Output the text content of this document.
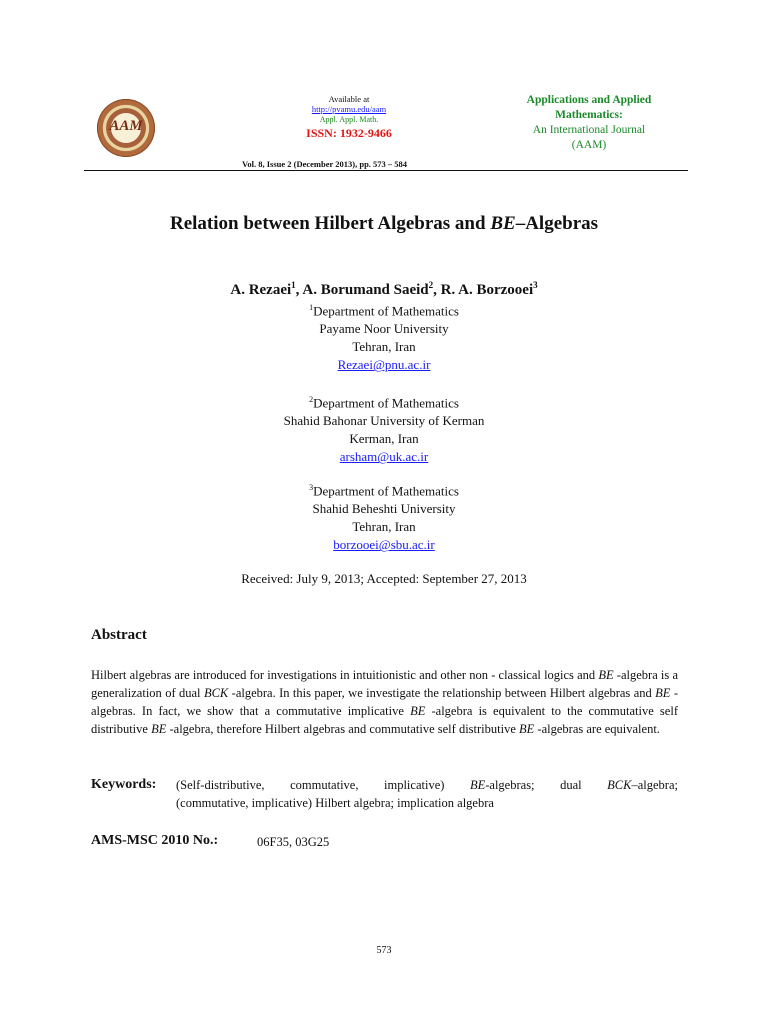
AAM
Available at
http://pvamu.edu/aam
Appl. Appl. Math.
ISSN: 1932-9466
Applications and Applied
Mathematics:
An International Journal
(AAM)
Vol. 8, Issue 2 (December 2013), pp. 573 – 584
Relation between Hilbert Algebras and BE–Algebras
A. Rezaei$^1$, A. Borumand Saeid$^2$, R. A. Borzooei$^3$
$^1$Department of Mathematics
Payame Noor University
Tehran, Iran
Rezaei@pnu.ac.ir
$^2$Department of Mathematics
Shahid Bahonar University of Kerman
Kerman, Iran
arsham@uk.ac.ir
$^3$Department of Mathematics
Shahid Beheshti University
Tehran, Iran
borzooei@sbu.ac.ir
Received: July 9, 2013; Accepted: September 27, 2013
Abstract
Hilbert algebras are introduced for investigations in intuitionistic and other non - classical logics and BE -algebra is a generalization of dual BCK -algebra. In this paper, we investigate the relationship between Hilbert algebras and BE -algebras. In fact, we show that a commutative implicative BE -algebra is equivalent to the commutative self distributive BE -algebra, therefore Hilbert algebras and commutative self distributive BE -algebras are equivalent.
Keywords: (Self-distributive, commutative, implicative) BE-algebras; dual BCK–algebra;
(commutative, implicative) Hilbert algebra; implication algebra
AMS-MSC 2010 No.:	06F35, 03G25
573
